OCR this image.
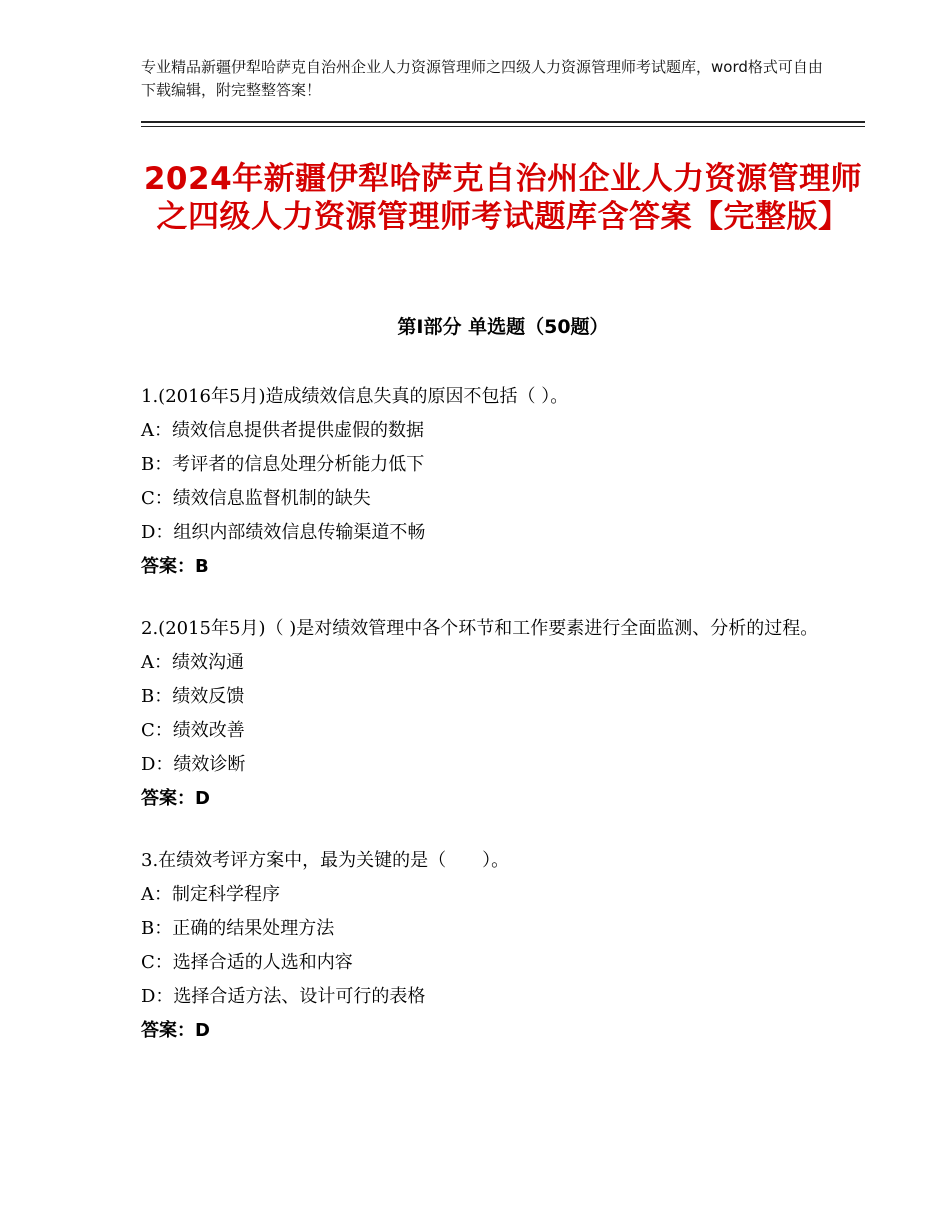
专业精品新疆伊犁哈萨克自治州企业人力资源管理师之四级人力资源管理师考试题库，word格式可自由下载编辑，附完整整答案！
2024年新疆伊犁哈萨克自治州企业人力资源管理师之四级人力资源管理师考试题库含答案【完整版】
第Ⅰ部分 单选题（50题）
1.(2016年5月)造成绩效信息失真的原因不包括（ ）。
A：绩效信息提供者提供虚假的数据
B：考评者的信息处理分析能力低下
C：绩效信息监督机制的缺失
D：组织内部绩效信息传输渠道不畅
答案：B
2.(2015年5月)（ )是对绩效管理中各个环节和工作要素进行全面监测、分析的过程。
A：绩效沟通
B：绩效反馈
C：绩效改善
D：绩效诊断
答案：D
3.在绩效考评方案中，最为关键的是（　　）。
A：制定科学程序
B：正确的结果处理方法
C：选择合适的人选和内容
D：选择合适方法、设计可行的表格
答案：D
